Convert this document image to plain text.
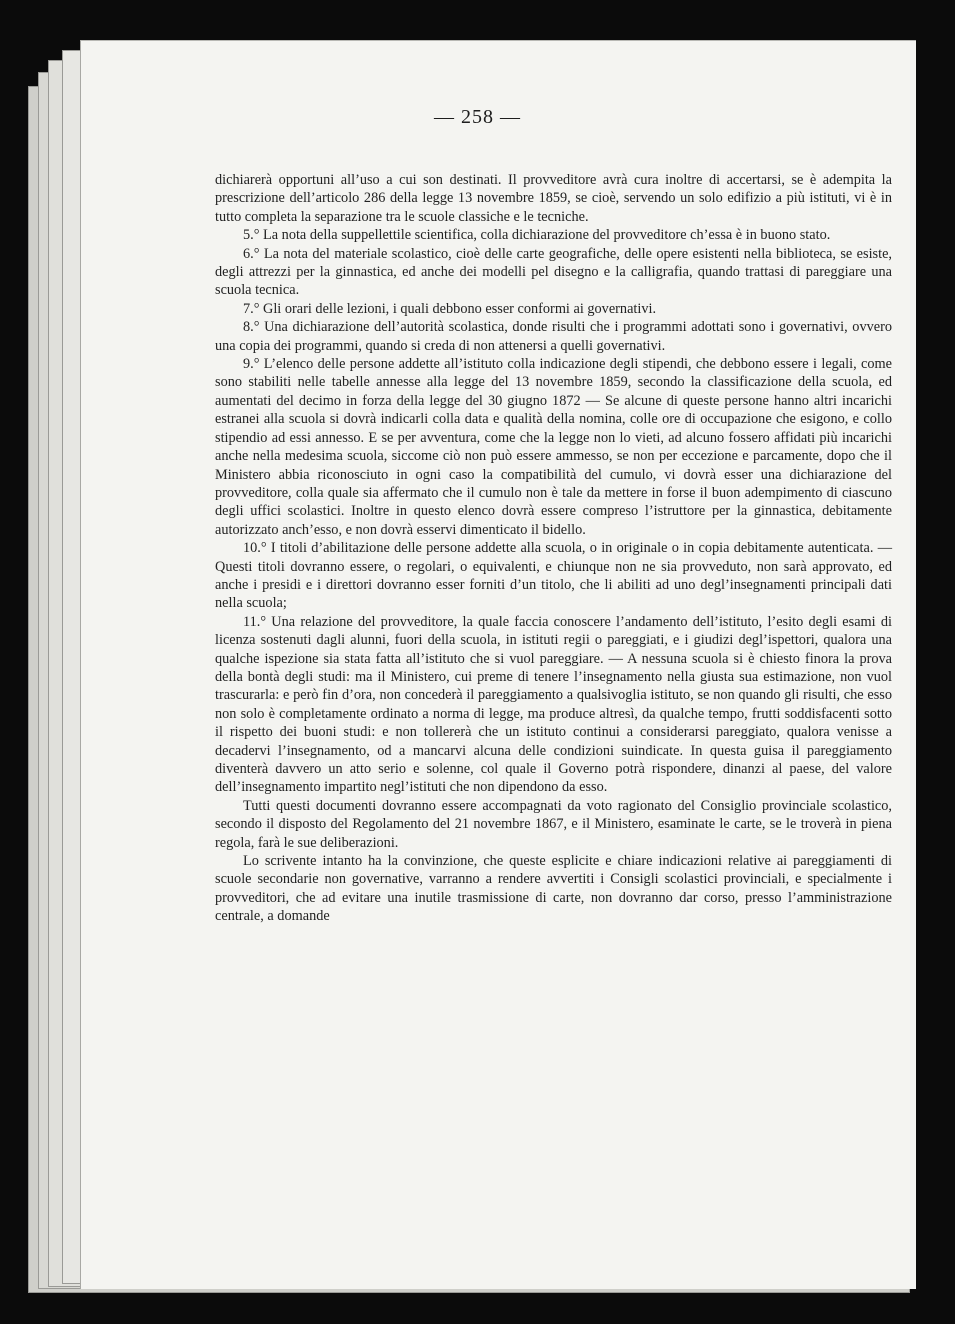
— 258 —

dichiarerà opportuni all’uso a cui son destinati. Il provveditore avrà cura inoltre di accertarsi, se è adempita la prescrizione dell’articolo 286 della legge 13 novembre 1859, se cioè, servendo un solo edifizio a più istituti, vi è in tutto completa la separazione tra le scuole classiche e le tecniche.

5.° La nota della suppellettile scientifica, colla dichiarazione del provveditore ch’essa è in buono stato.

6.° La nota del materiale scolastico, cioè delle carte geografiche, delle opere esistenti nella biblioteca, se esiste, degli attrezzi per la ginnastica, ed anche dei modelli pel disegno e la calligrafia, quando trattasi di pareggiare una scuola tecnica.

7.° Gli orari delle lezioni, i quali debbono esser conformi ai governativi.

8.° Una dichiarazione dell’autorità scolastica, donde risulti che i programmi adottati sono i governativi, ovvero una copia dei programmi, quando si creda di non attenersi a quelli governativi.

9.° L’elenco delle persone addette all’istituto colla indicazione degli stipendi, che debbono essere i legali, come sono stabiliti nelle tabelle annesse alla legge del 13 novembre 1859, secondo la classificazione della scuola, ed aumentati del decimo in forza della legge del 30 giugno 1872 — Se alcune di queste persone hanno altri incarichi estranei alla scuola si dovrà indicarli colla data e qualità della nomina, colle ore di occupazione che esigono, e collo stipendio ad essi annesso. E se per avventura, come che la legge non lo vieti, ad alcuno fossero affidati più incarichi anche nella medesima scuola, siccome ciò non può essere ammesso, se non per eccezione e parcamente, dopo che il Ministero abbia riconosciuto in ogni caso la compatibilità del cumulo, vi dovrà esser una dichiarazione del provveditore, colla quale sia affermato che il cumulo non è tale da mettere in forse il buon adempimento di ciascuno degli uffici scolastici. Inoltre in questo elenco dovrà essere compreso l’istruttore per la ginnastica, debitamente autorizzato anch’esso, e non dovrà esservi dimenticato il bidello.

10.° I titoli d’abilitazione delle persone addette alla scuola, o in originale o in copia debitamente autenticata. — Questi titoli dovranno essere, o regolari, o equivalenti, e chiunque non ne sia provveduto, non sarà approvato, ed anche i presidi e i direttori dovranno esser forniti d’un titolo, che li abiliti ad uno degl’insegnamenti principali dati nella scuola;

11.° Una relazione del provveditore, la quale faccia conoscere l’andamento dell’istituto, l’esito degli esami di licenza sostenuti dagli alunni, fuori della scuola, in istituti regii o pareggiati, e i giudizi degl’ispettori, qualora una qualche ispezione sia stata fatta all’istituto che si vuol pareggiare. — A nessuna scuola si è chiesto finora la prova della bontà degli studi: ma il Ministero, cui preme di tenere l’insegnamento nella giusta sua estimazione, non vuol trascurarla: e però fin d’ora, non concederà il pareggiamento a qualsivoglia istituto, se non quando gli risulti, che esso non solo è completamente ordinato a norma di legge, ma produce altresì, da qualche tempo, frutti soddisfacenti sotto il rispetto dei buoni studi: e non tollererà che un istituto continui a considerarsi pareggiato, qualora venisse a decadervi l’insegnamento, od a mancarvi alcuna delle condizioni suindicate. In questa guisa il pareggiamento diventerà davvero un atto serio e solenne, col quale il Governo potrà rispondere, dinanzi al paese, del valore dell’insegnamento impartito negl’istituti che non dipendono da esso.

Tutti questi documenti dovranno essere accompagnati da voto ragionato del Consiglio provinciale scolastico, secondo il disposto del Regolamento del 21 novembre 1867, e il Ministero, esaminate le carte, se le troverà in piena regola, farà le sue deliberazioni.

Lo scrivente intanto ha la convinzione, che queste esplicite e chiare indicazioni relative ai pareggiamenti di scuole secondarie non governative, varranno a rendere avvertiti i Consigli scolastici provinciali, e specialmente i provveditori, che ad evitare una inutile trasmissione di carte, non dovranno dar corso, presso l’amministrazione centrale, a domande
